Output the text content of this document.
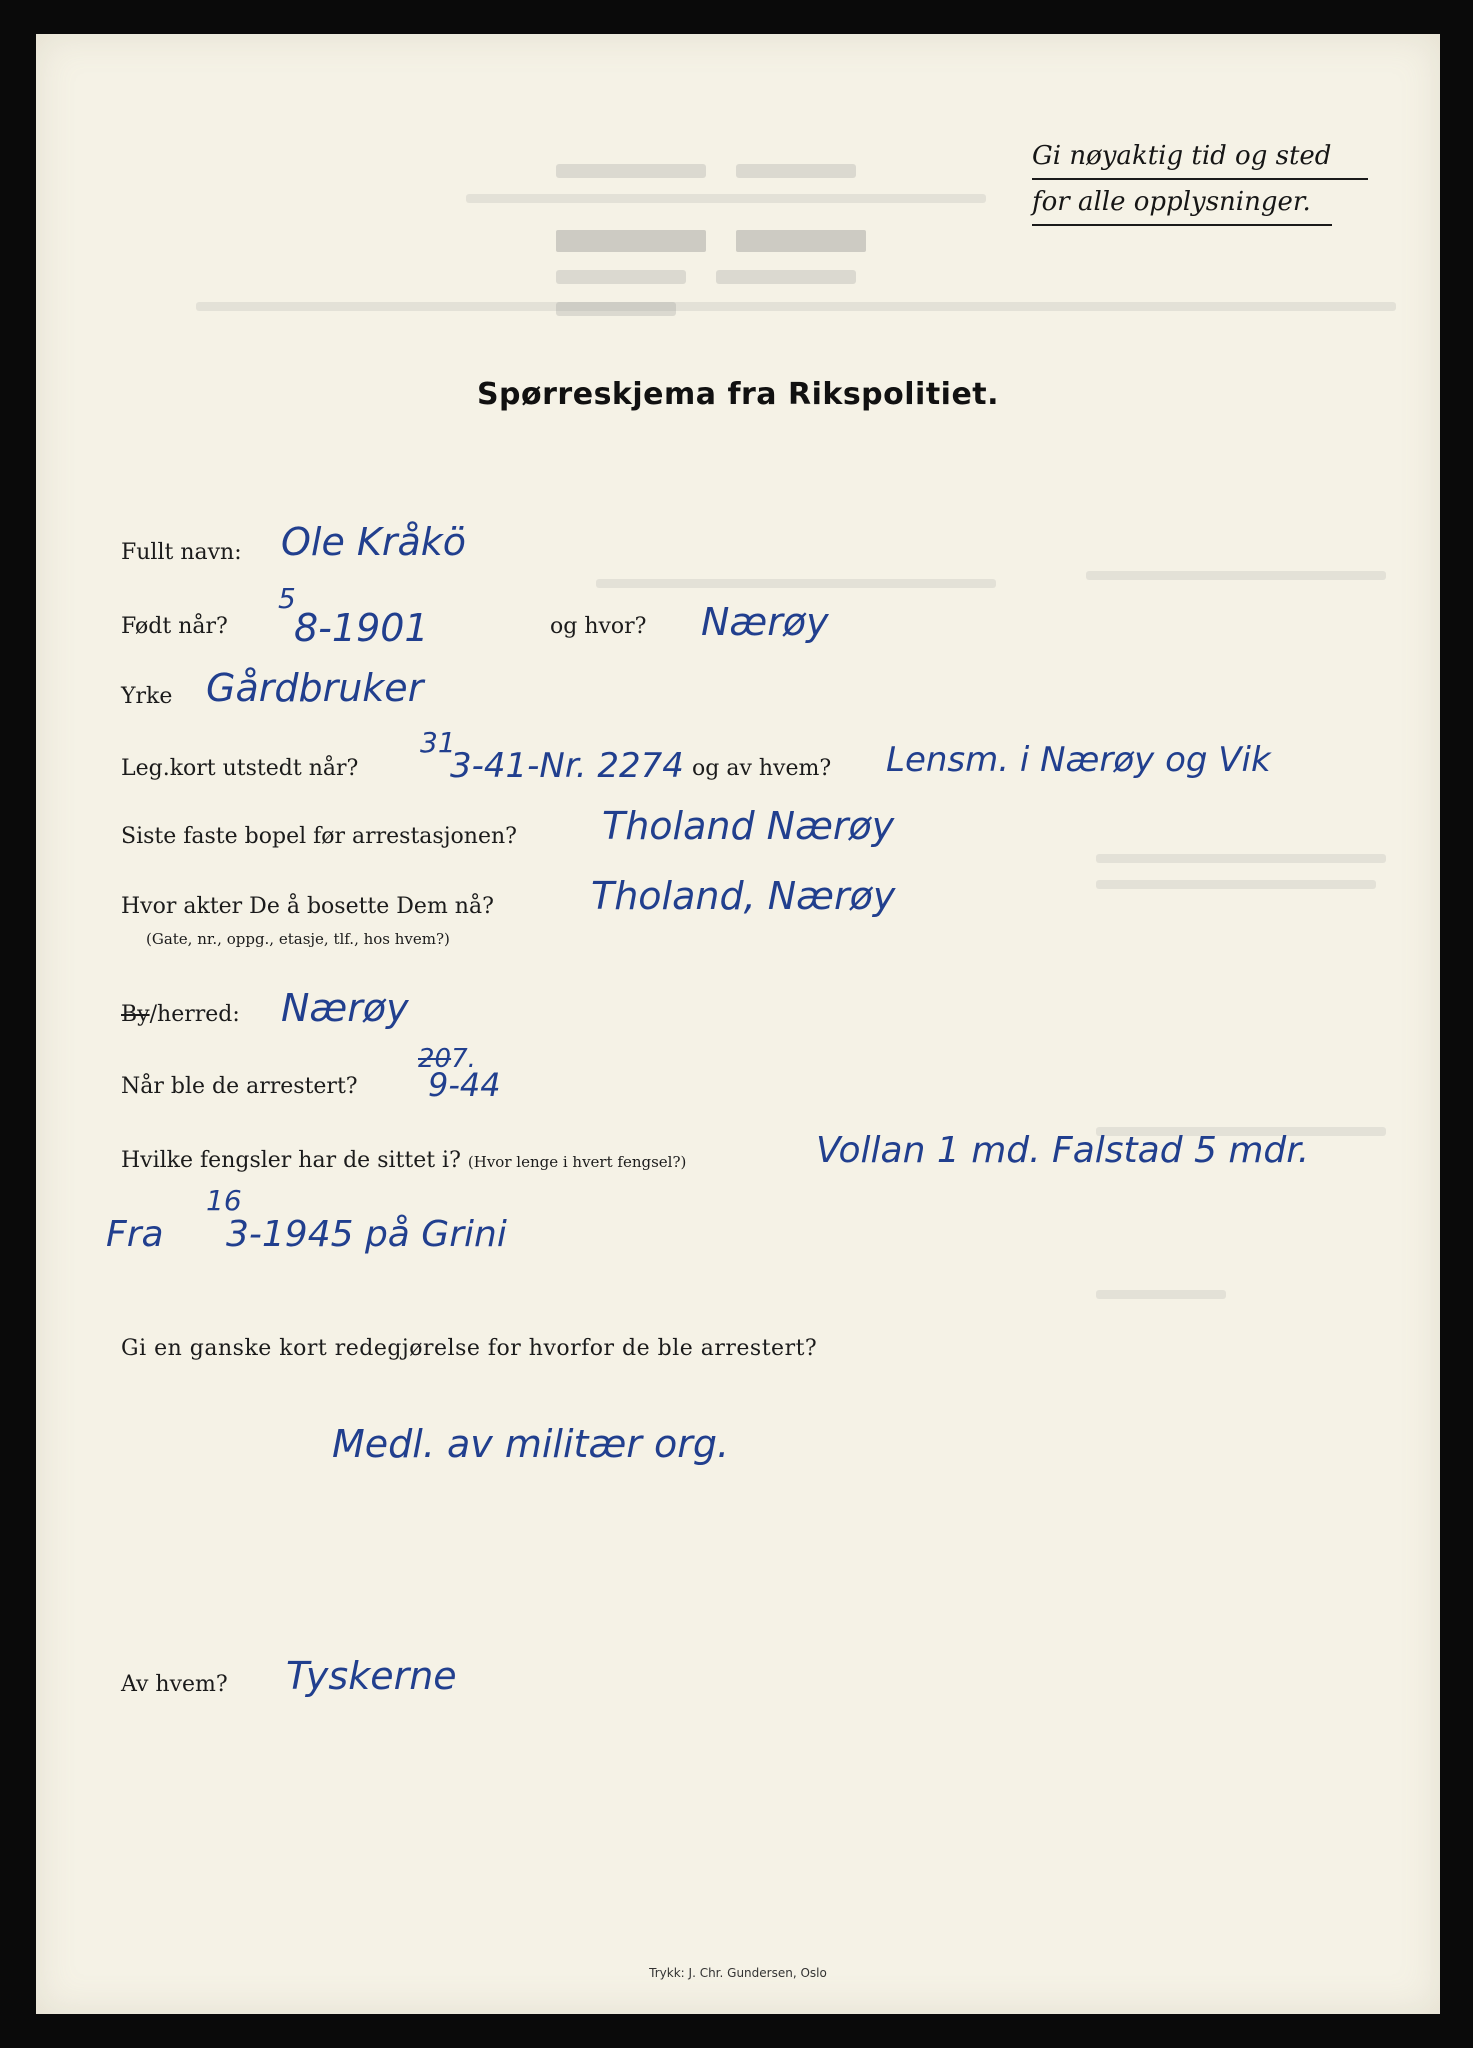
Gi nøyaktig tid og sted
for alle opplysninger.
Spørreskjema fra Rikspolitiet.
Fullt navn: Ole Kråkö
Født når?
5
8-1901	og hvor? Nærøy
Yrke Gårdbruker
Leg.kort utstedt når?
31
3-41-Nr. 2274 og av hvem? Lensm. i Nærøy og Vik
Siste faste bopel før arrestasjonen? Tholand Nærøy
Hvor akter De å bosette Dem nå?
(Gate, nr., oppg., etasje, tlf., hos hvem?)
Tholand, Nærøy
By/herred: Nærøy
Når ble de arrestert?
207.
9-44
Hvilke fengsler har de sittet i? (Hvor lenge i hvert fengsel?)	Vollan 1 md. Falstad 5 mdr.
Fra
16
3-1945 på Grini
Gi en ganske kort redegjørelse for hvorfor de ble arrestert?
Medl. av militær org.
Av hvem? Tyskerne
Trykk: J. Chr. Gundersen, Oslo
